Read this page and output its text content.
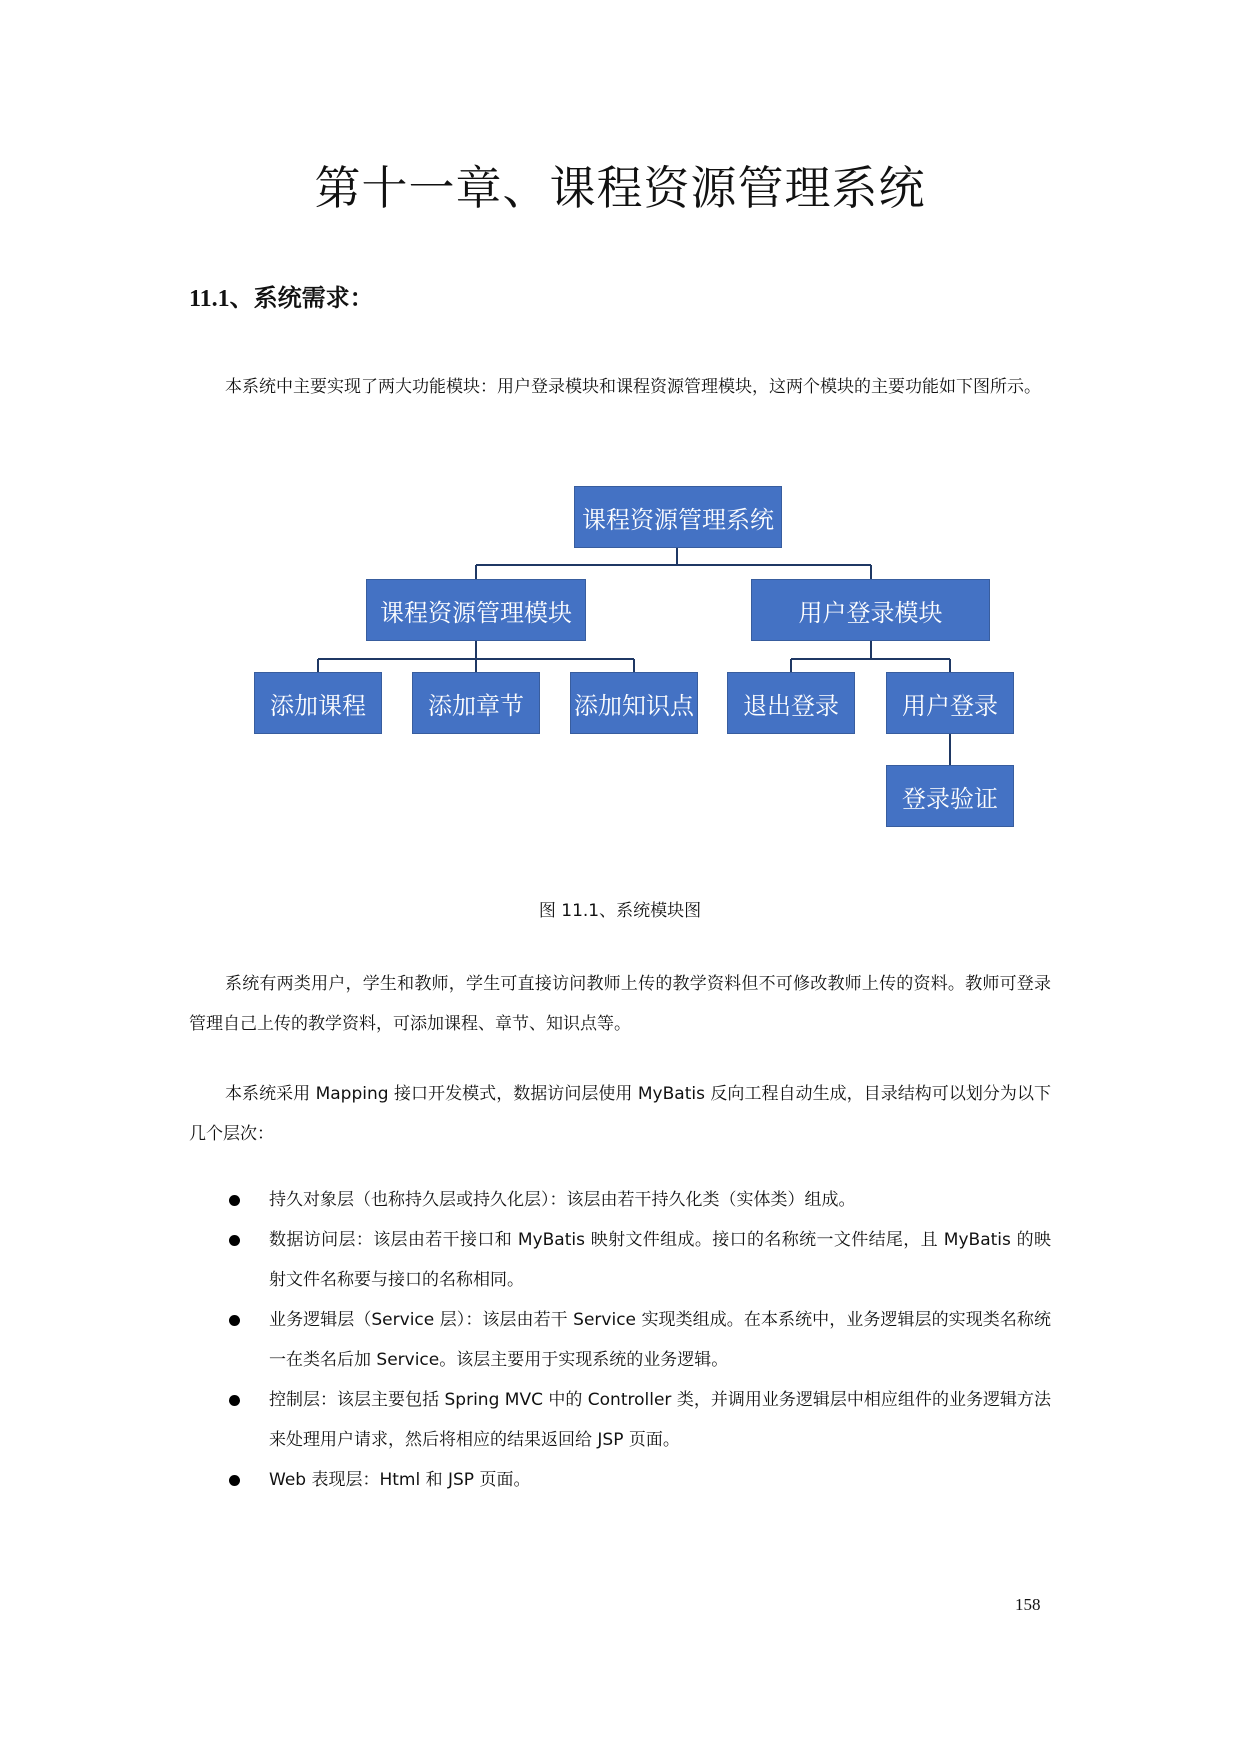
第十一章、课程资源管理系统
11.1、系统需求：

本系统中主要实现了两大功能模块：用户登录模块和课程资源管理模块，这两个模块的主要功能如下图所示。

课程资源管理系统
课程资源管理模块	用户登录模块
添加课程	添加章节	添加知识点	退出登录	用户登录
登录验证

图 11.1、系统模块图

系统有两类用户，学生和教师，学生可直接访问教师上传的教学资料但不可修改教师上传的资料。教师可登录管理自己上传的教学资料，可添加课程、章节、知识点等。

本系统采用 Mapping 接口开发模式，数据访问层使用 MyBatis 反向工程自动生成，目录结构可以划分为以下几个层次：

持久对象层（也称持久层或持久化层）：该层由若干持久化类（实体类）组成。
数据访问层：该层由若干接口和 MyBatis 映射文件组成。接口的名称统一文件结尾，且 MyBatis 的映射文件名称要与接口的名称相同。
业务逻辑层（Service 层）：该层由若干 Service 实现类组成。在本系统中，业务逻辑层的实现类名称统一在类名后加 Service。该层主要用于实现系统的业务逻辑。
控制层：该层主要包括 Spring MVC 中的 Controller 类，并调用业务逻辑层中相应组件的业务逻辑方法来处理用户请求，然后将相应的结果返回给 JSP 页面。
Web 表现层：Html 和 JSP 页面。

158
